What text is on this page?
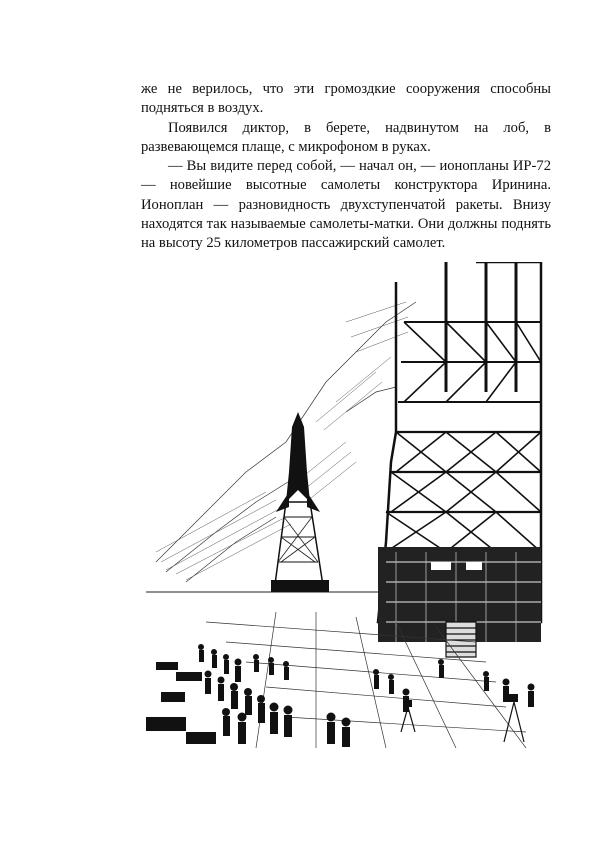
же не верилось, что эти громоздкие сооружения способны подняться в воздух.

Появился диктор, в берете, надвинутом на лоб, в развевающемся плаще, с микрофоном в руках.

— Вы видите перед собой, — начал он, — ионопланы ИР-72 — новейшие высотные самолеты конструктора Иринина. Ионоплан — разновидность двухступенчатой ракеты. Внизу находятся так называемые самолеты-матки. Они должны поднять на высоту 25 километров пассажирский самолет.
